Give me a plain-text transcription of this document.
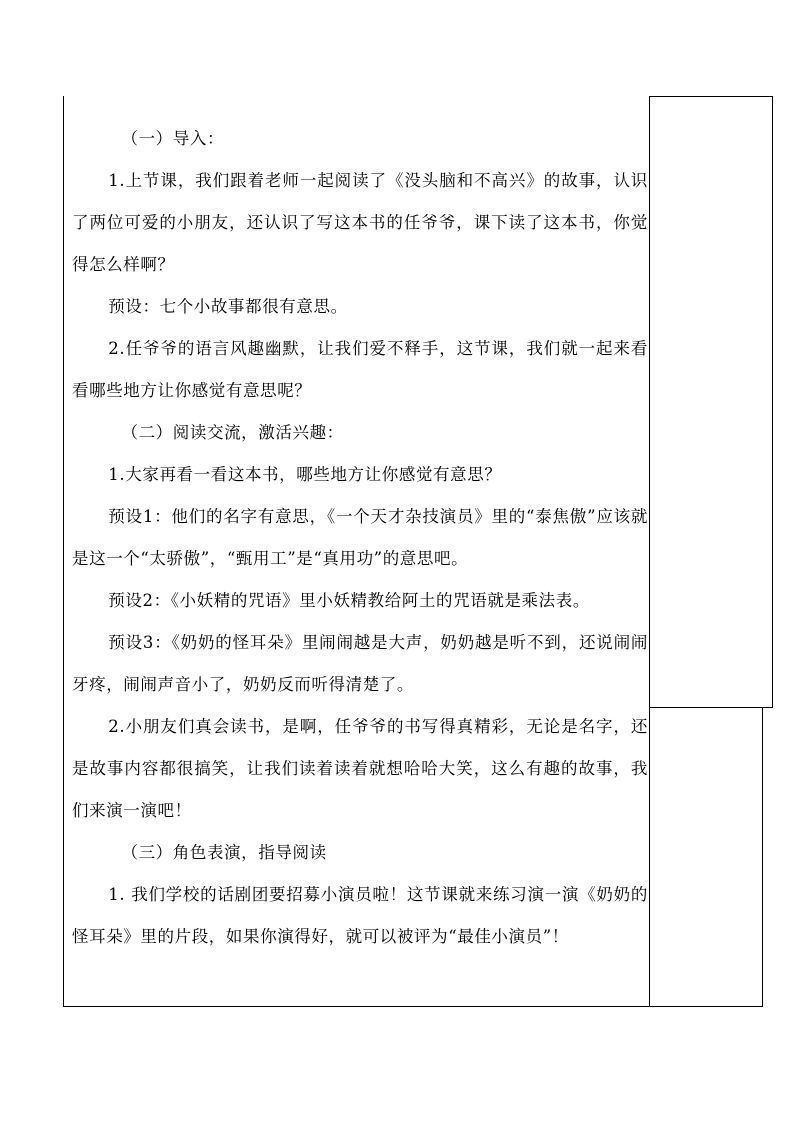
（一）导入：

1.上节课，我们跟着老师一起阅读了《没头脑和不高兴》的故事，认识了两位可爱的小朋友，还认识了写这本书的任爷爷，课下读了这本书，你觉得怎么样啊？

预设：七个小故事都很有意思。

2.任爷爷的语言风趣幽默，让我们爱不释手，这节课，我们就一起来看看哪些地方让你感觉有意思呢？

（二）阅读交流，激活兴趣：

1.大家再看一看这本书，哪些地方让你感觉有意思？

预设1：他们的名字有意思，《一个天才杂技演员》里的“泰焦傲”应该就是这一个“太骄傲”，“甄用工”是“真用功”的意思吧。

预设2：《小妖精的咒语》里小妖精教给阿土的咒语就是乘法表。

预设3：《奶奶的怪耳朵》里闹闹越是大声，奶奶越是听不到，还说闹闹牙疼，闹闹声音小了，奶奶反而听得清楚了。

2.小朋友们真会读书，是啊，任爷爷的书写得真精彩，无论是名字，还是故事内容都很搞笑，让我们读着读着就想哈哈大笑，这么有趣的故事，我们来演一演吧！

（三）角色表演，指导阅读

1. 我们学校的话剧团要招募小演员啦！这节课就来练习演一演《奶奶的怪耳朵》里的片段，如果你演得好，就可以被评为“最佳小演员”！
